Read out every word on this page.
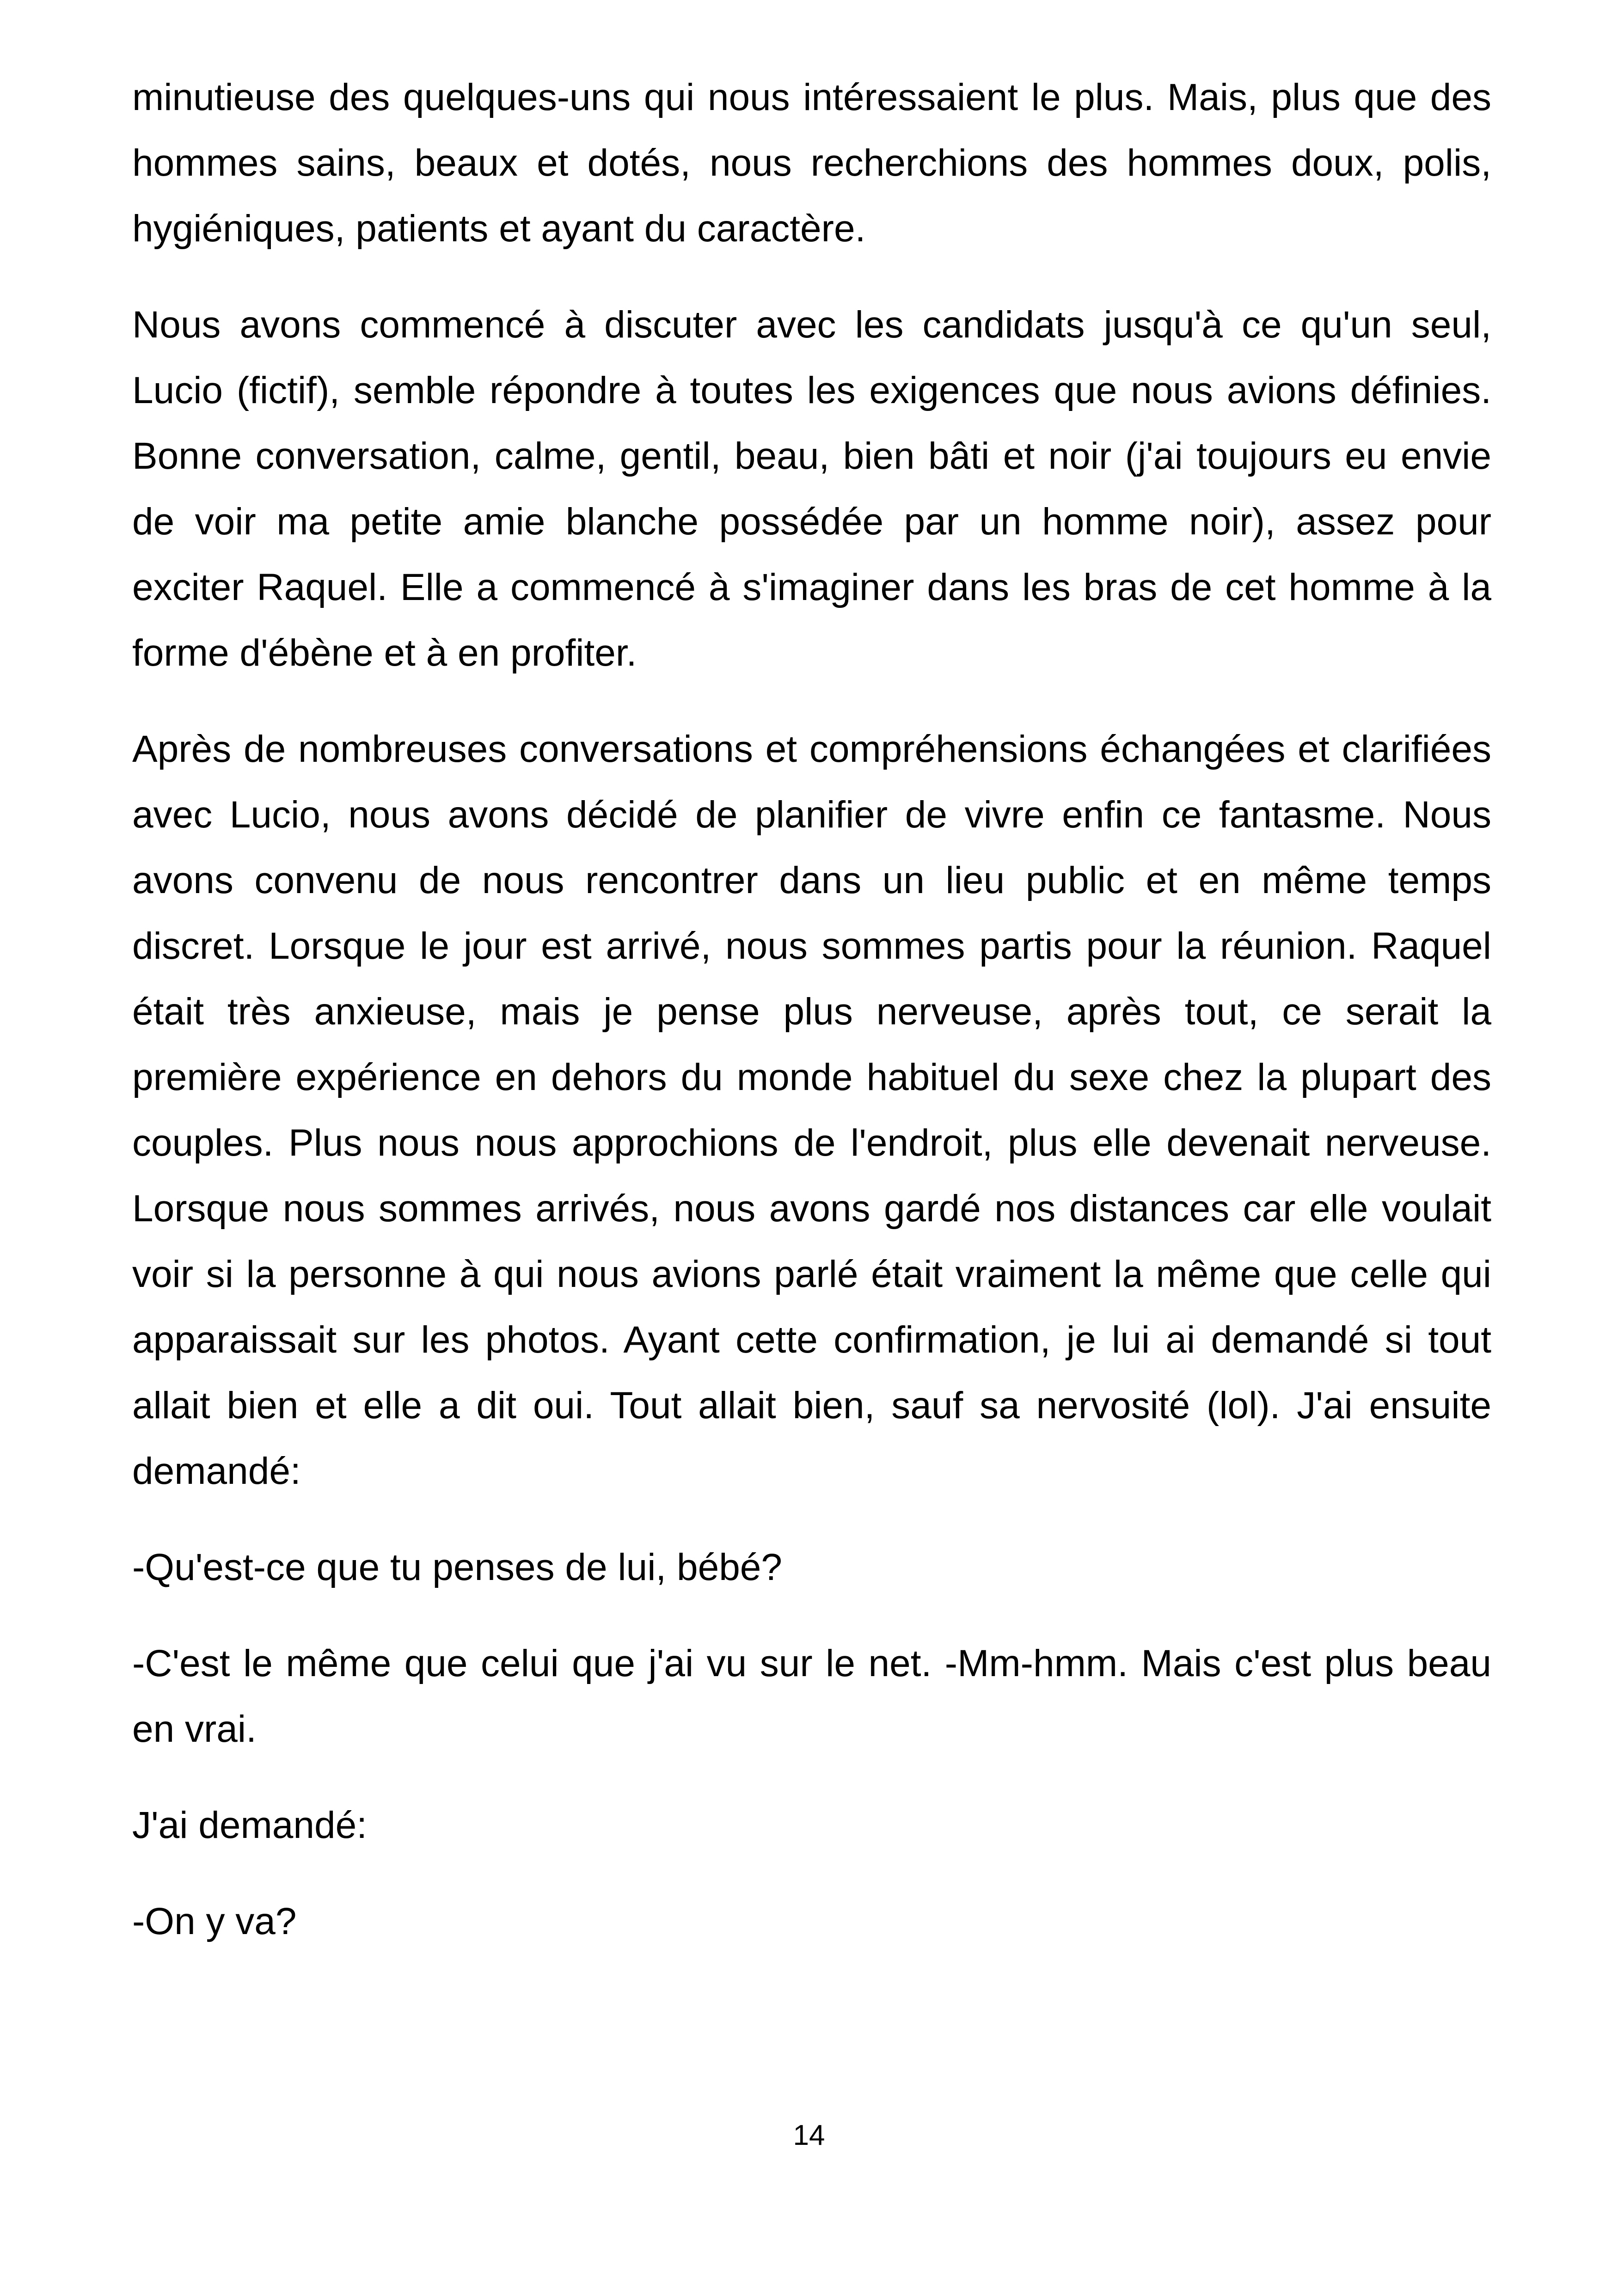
minutieuse des quelques-uns qui nous intéressaient le plus. Mais, plus que des hommes sains, beaux et dotés, nous recherchions des hommes doux, polis, hygiéniques, patients et ayant du caractère.

Nous avons commencé à discuter avec les candidats jusqu'à ce qu'un seul, Lucio (fictif), semble répondre à toutes les exigences que nous avions définies. Bonne conversation, calme, gentil, beau, bien bâti et noir (j'ai toujours eu envie de voir ma petite amie blanche possédée par un homme noir), assez pour exciter Raquel. Elle a commencé à s'imaginer dans les bras de cet homme à la forme d'ébène et à en profiter.

Après de nombreuses conversations et compréhensions échangées et clarifiées avec Lucio, nous avons décidé de planifier de vivre enfin ce fantasme. Nous avons convenu de nous rencontrer dans un lieu public et en même temps discret. Lorsque le jour est arrivé, nous sommes partis pour la réunion. Raquel était très anxieuse, mais je pense plus nerveuse, après tout, ce serait la première expérience en dehors du monde habituel du sexe chez la plupart des couples. Plus nous nous approchions de l'endroit, plus elle devenait nerveuse. Lorsque nous sommes arrivés, nous avons gardé nos distances car elle voulait voir si la personne à qui nous avions parlé était vraiment la même que celle qui apparaissait sur les photos. Ayant cette confirmation, je lui ai demandé si tout allait bien et elle a dit oui. Tout allait bien, sauf sa nervosité (lol). J'ai ensuite demandé:

-Qu'est-ce que tu penses de lui, bébé?

-C'est le même que celui que j'ai vu sur le net. -Mm-hmm. Mais c'est plus beau en vrai.

J'ai demandé:

-On y va?

14
